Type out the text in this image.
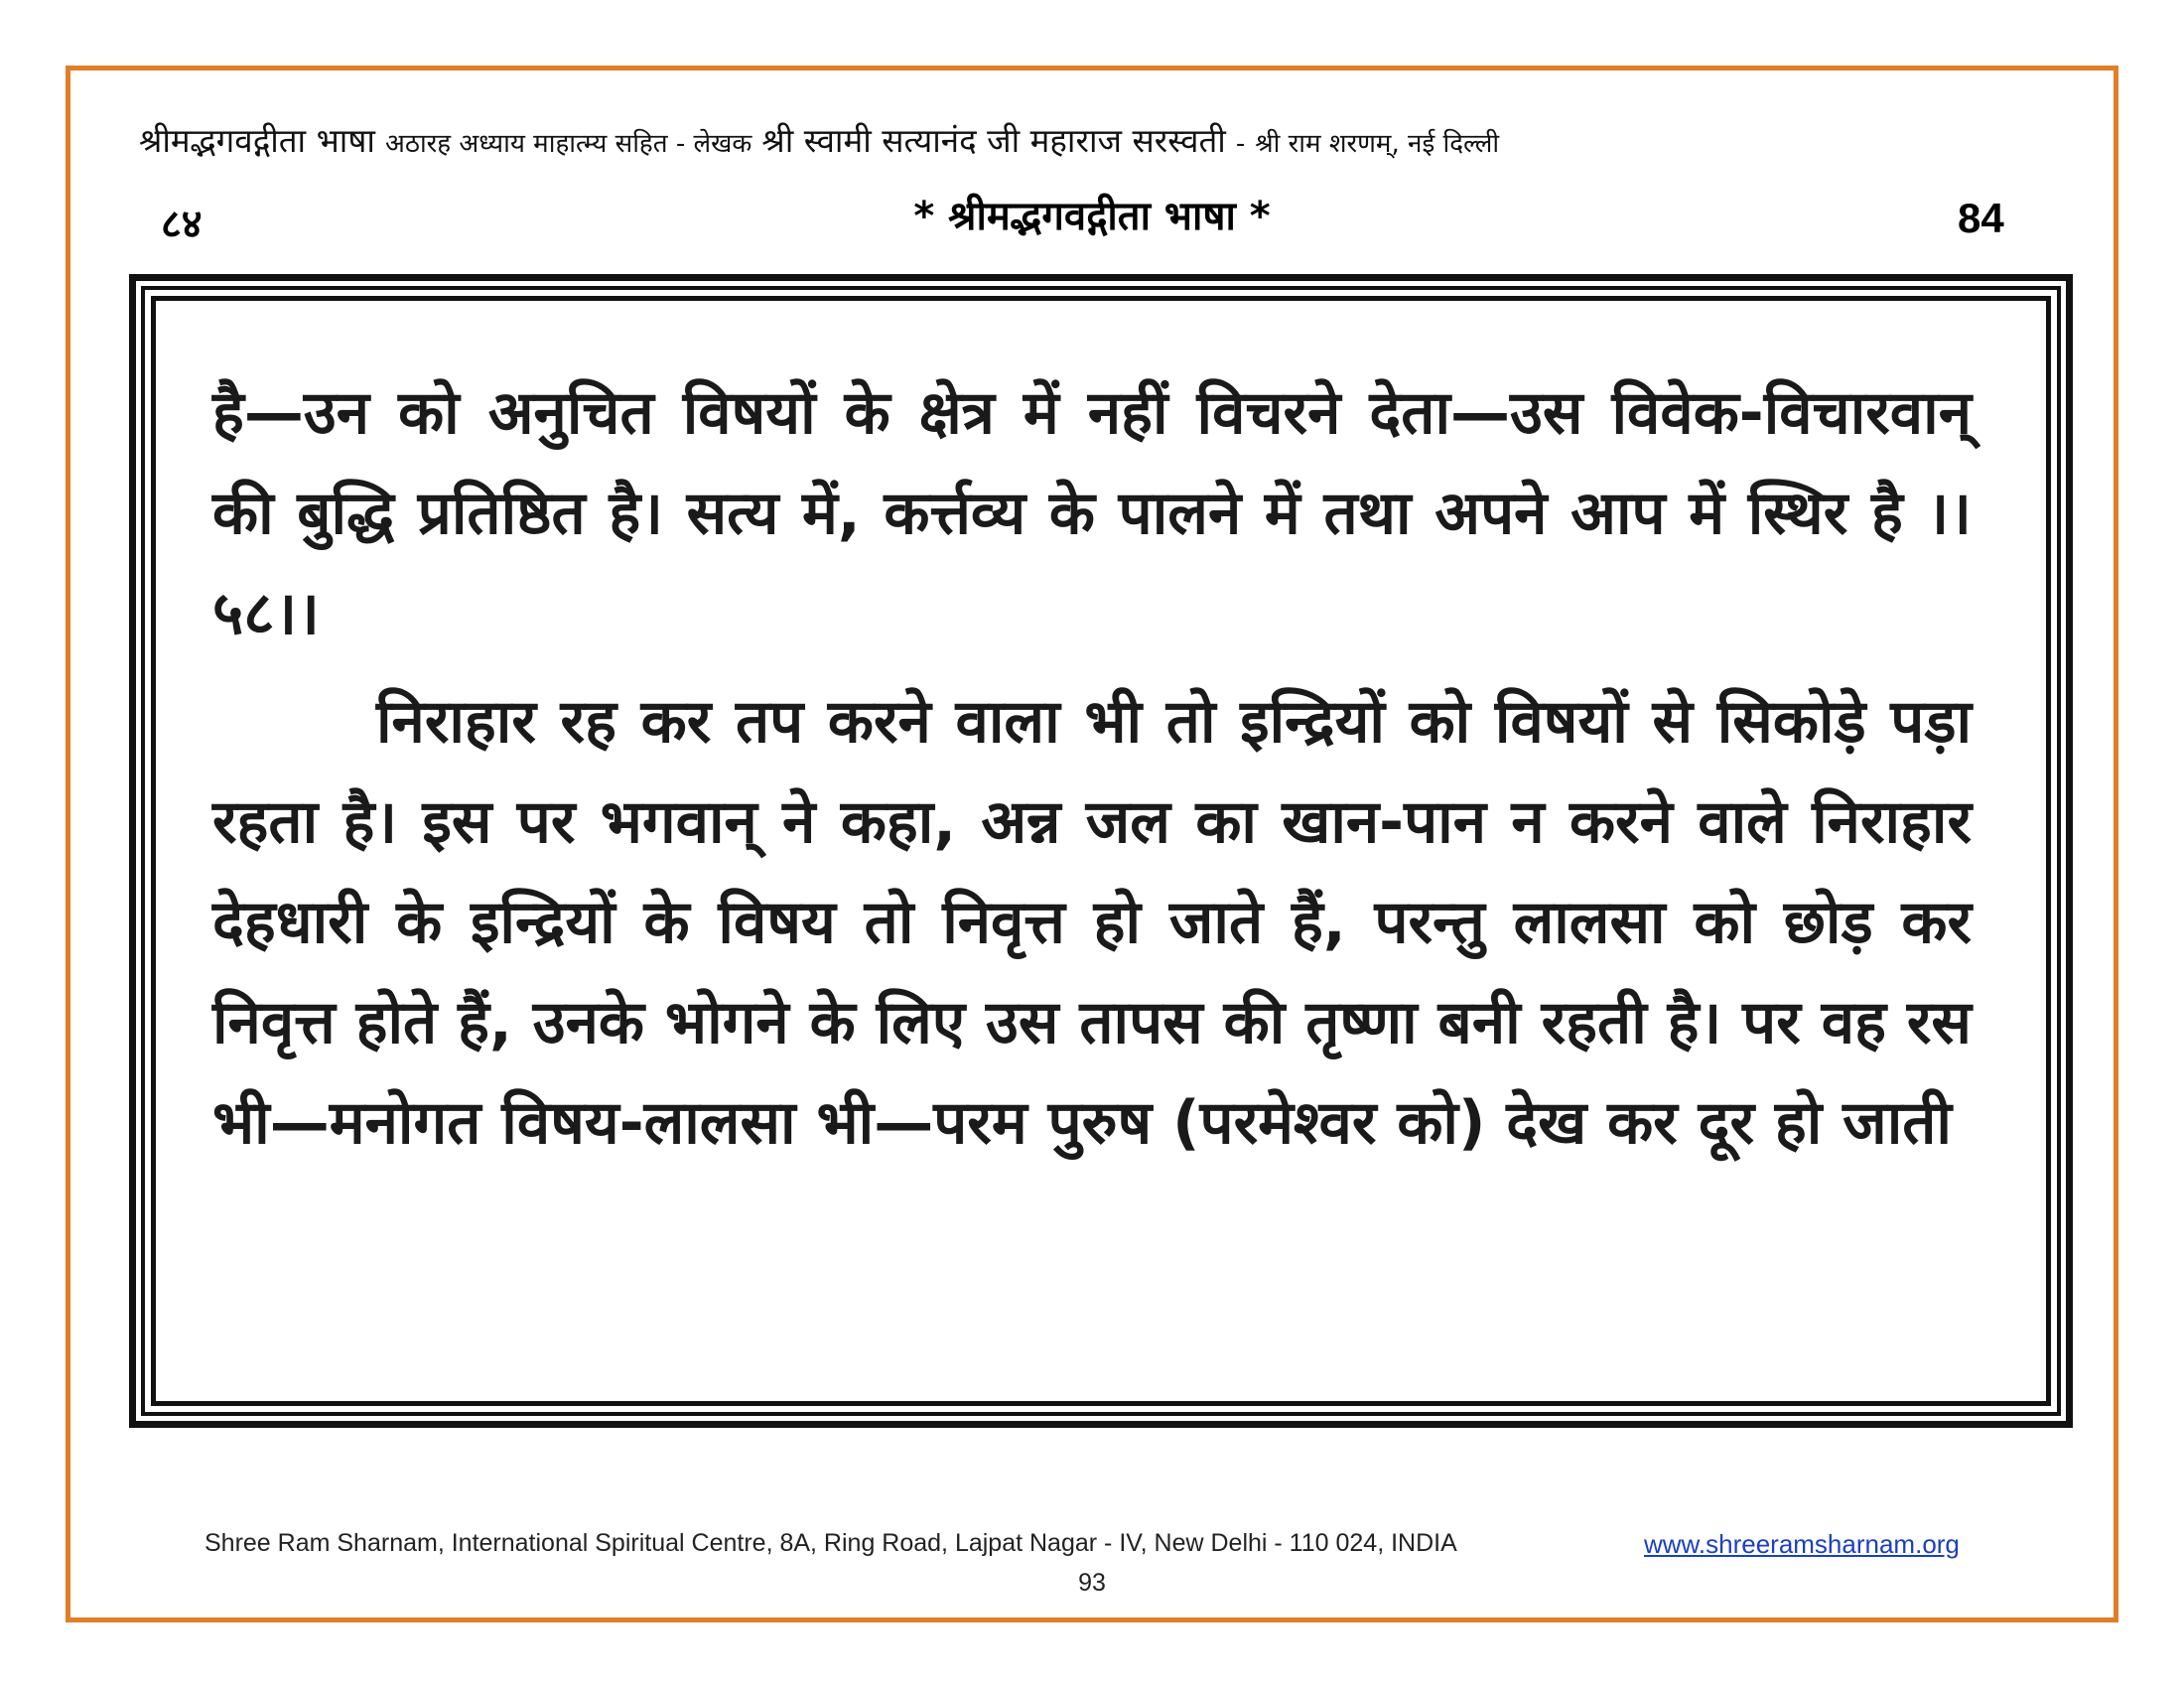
श्रीमद्भगवद्गीता भाषा अठारह अध्याय माहात्म्य सहित - लेखक श्री स्वामी सत्यानंद जी महाराज सरस्वती - श्री राम शरणम्, नई दिल्ली
८४	* श्रीमद्भगवद्गीता भाषा *	84

है—उन को अनुचित विषयों के क्षेत्र में नहीं विचरने देता—उस विवेक-विचारवान् की बुद्धि प्रतिष्ठित है। सत्य में, कर्त्तव्य के पालने में तथा अपने आप में स्थिर है ।।५८।।

निराहार रह कर तप करने वाला भी तो इन्द्रियों को विषयों से सिकोड़े पड़ा रहता है। इस पर भगवान् ने कहा, अन्न जल का खान-पान न करने वाले निराहार देहधारी के इन्द्रियों के विषय तो निवृत्त हो जाते हैं, परन्तु लालसा को छोड़ कर निवृत्त होते हैं, उनके भोगने के लिए उस तापस की तृष्णा बनी रहती है। पर वह रस भी—मनोगत विषय-लालसा भी—परम पुरुष (परमेश्वर को) देख कर दूर हो जाती

Shree Ram Sharnam, International Spiritual Centre, 8A, Ring Road, Lajpat Nagar - IV, New Delhi - 110 024, INDIA	www.shreeramsharnam.org
93
